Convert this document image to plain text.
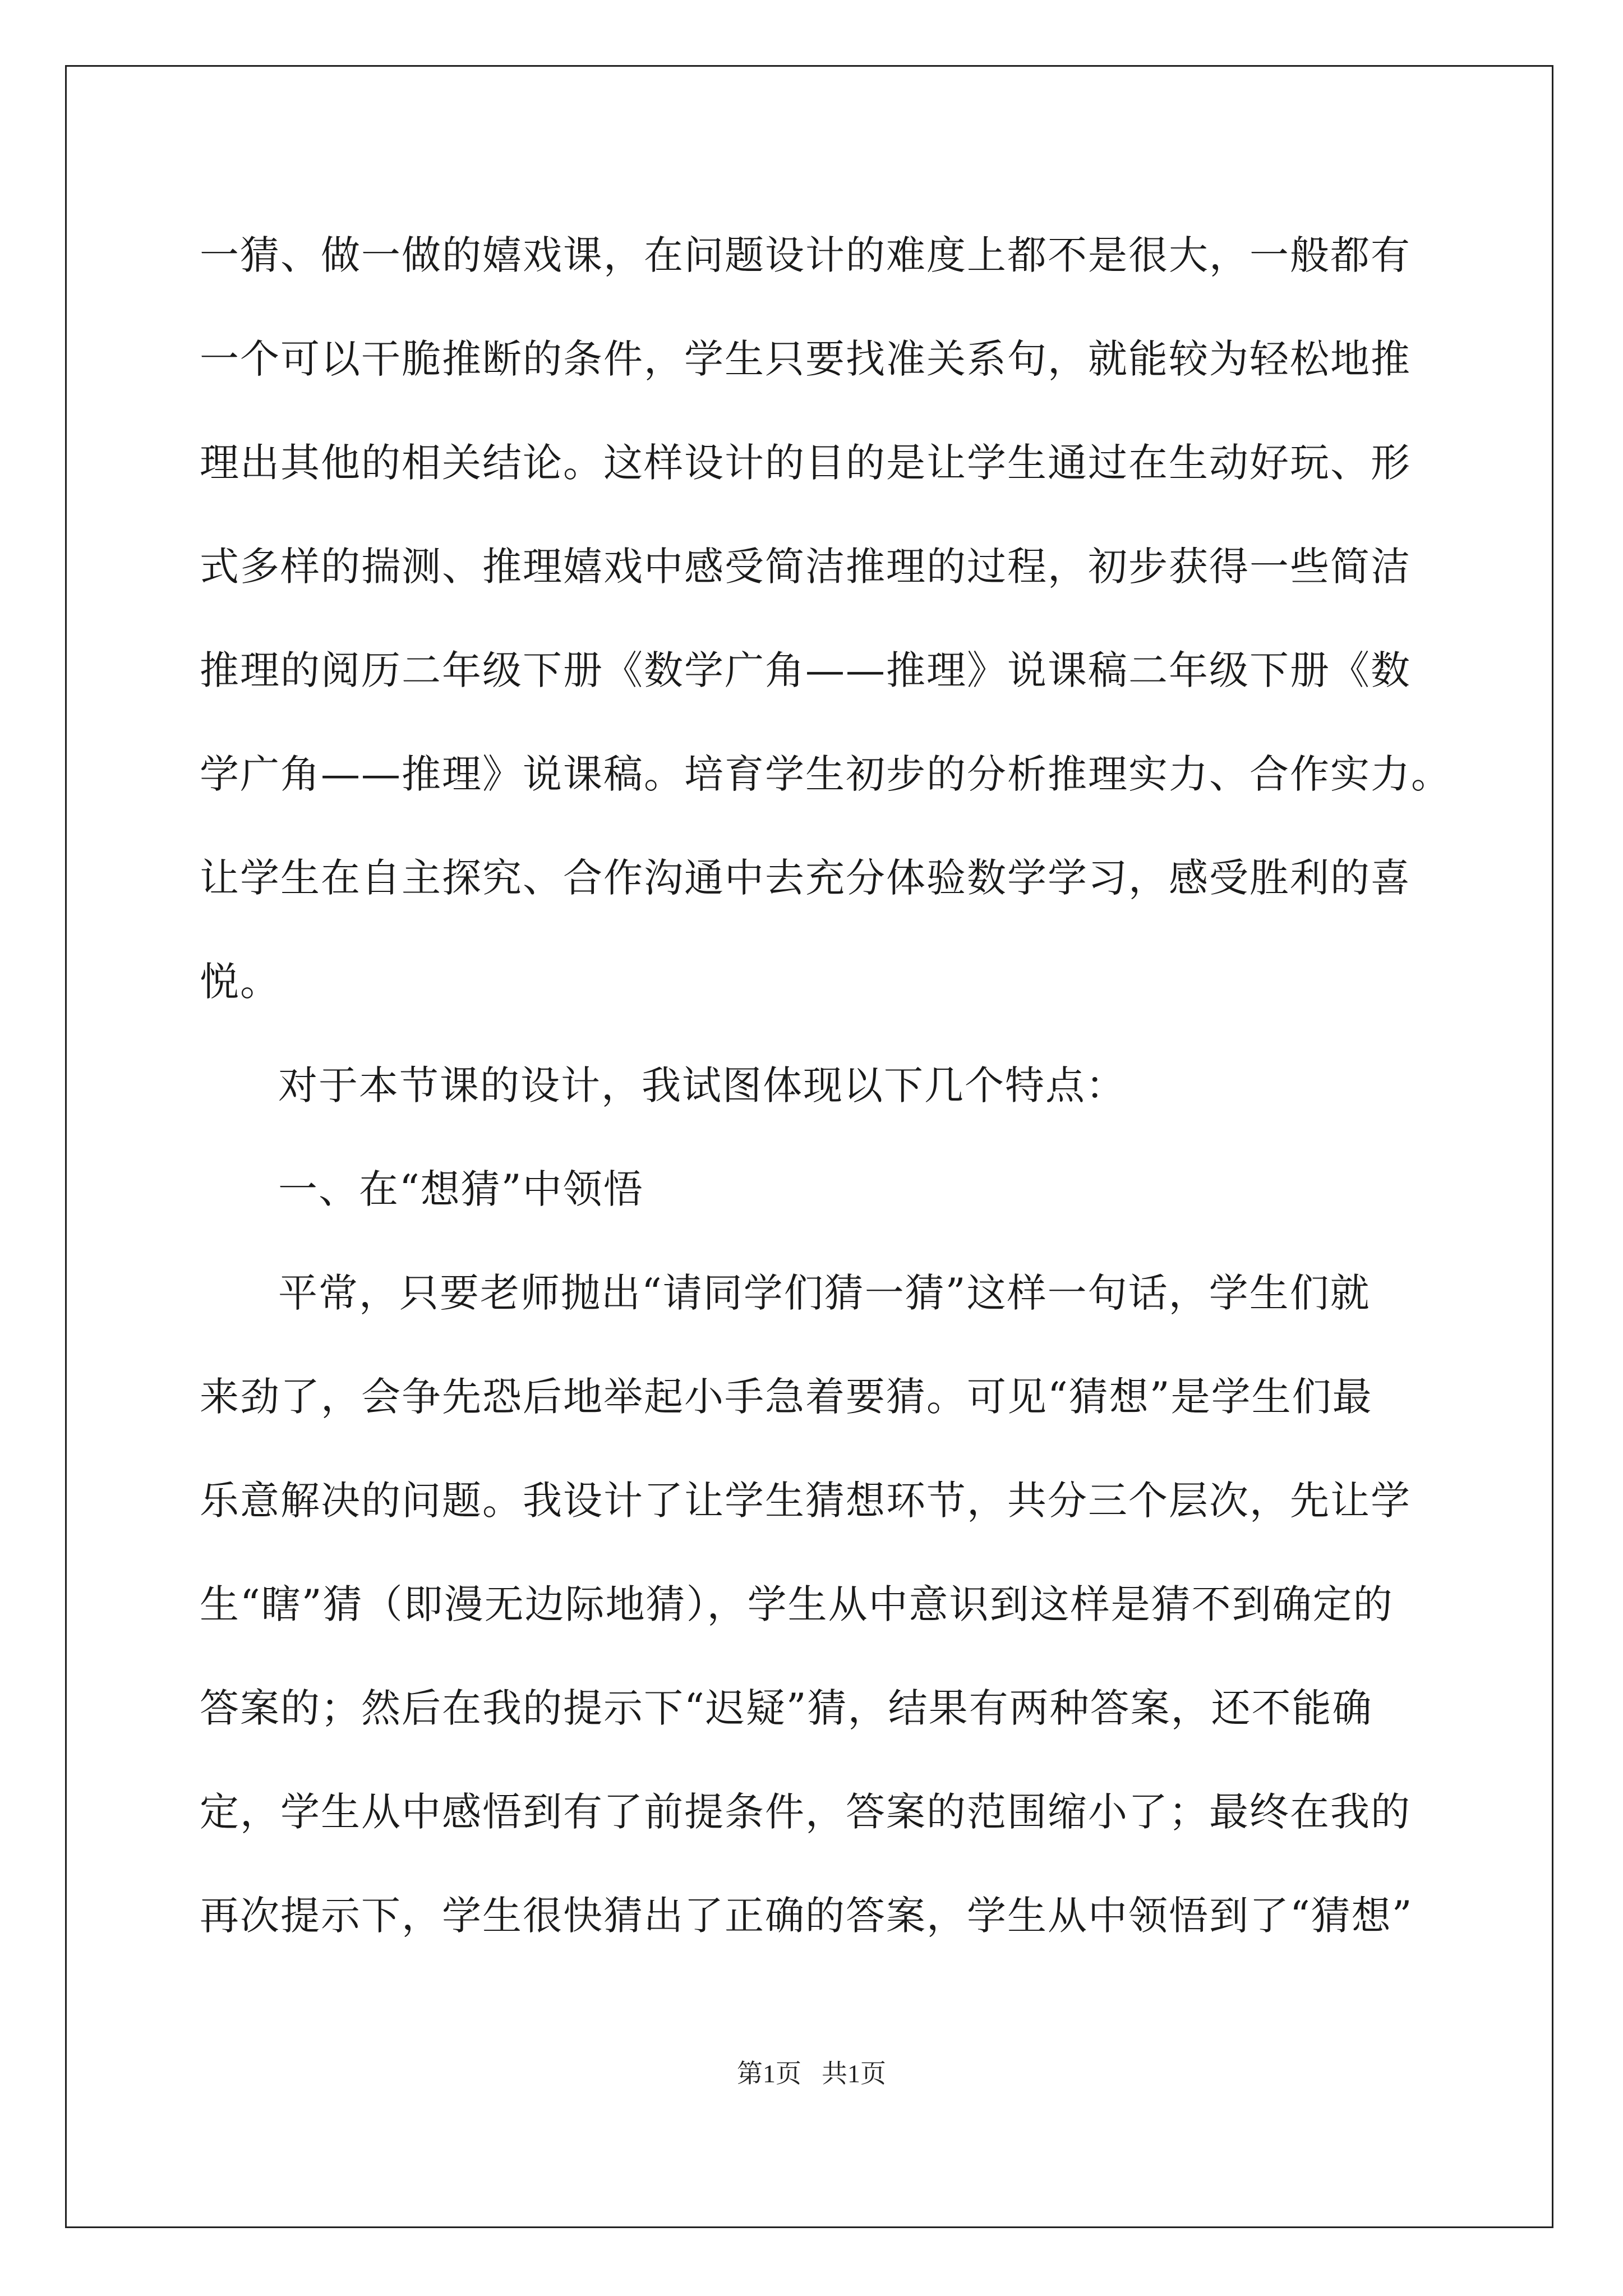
一猜、做一做的嬉戏课，在问题设计的难度上都不是很大，一般都有
一个可以干脆推断的条件，学生只要找准关系句，就能较为轻松地推
理出其他的相关结论。这样设计的目的是让学生通过在生动好玩、形
式多样的揣测、推理嬉戏中感受简洁推理的过程，初步获得一些简洁
推理的阅历二年级下册《数学广角——推理》说课稿二年级下册《数
学广角——推理》说课稿。培育学生初步的分析推理实力、合作实力。
让学生在自主探究、合作沟通中去充分体验数学学习，感受胜利的喜
悦。
对于本节课的设计，我试图体现以下几个特点：
一、在“想猜”中领悟
平常，只要老师抛出“请同学们猜一猜”这样一句话，学生们就
来劲了，会争先恐后地举起小手急着要猜。可见“猜想”是学生们最
乐意解决的问题。我设计了让学生猜想环节，共分三个层次，先让学
生“瞎”猜（即漫无边际地猜），学生从中意识到这样是猜不到确定的
答案的；然后在我的提示下“迟疑”猜，结果有两种答案，还不能确
定，学生从中感悟到有了前提条件，答案的范围缩小了；最终在我的
再次提示下，学生很快猜出了正确的答案，学生从中领悟到了“猜想”
第1页 共1页
